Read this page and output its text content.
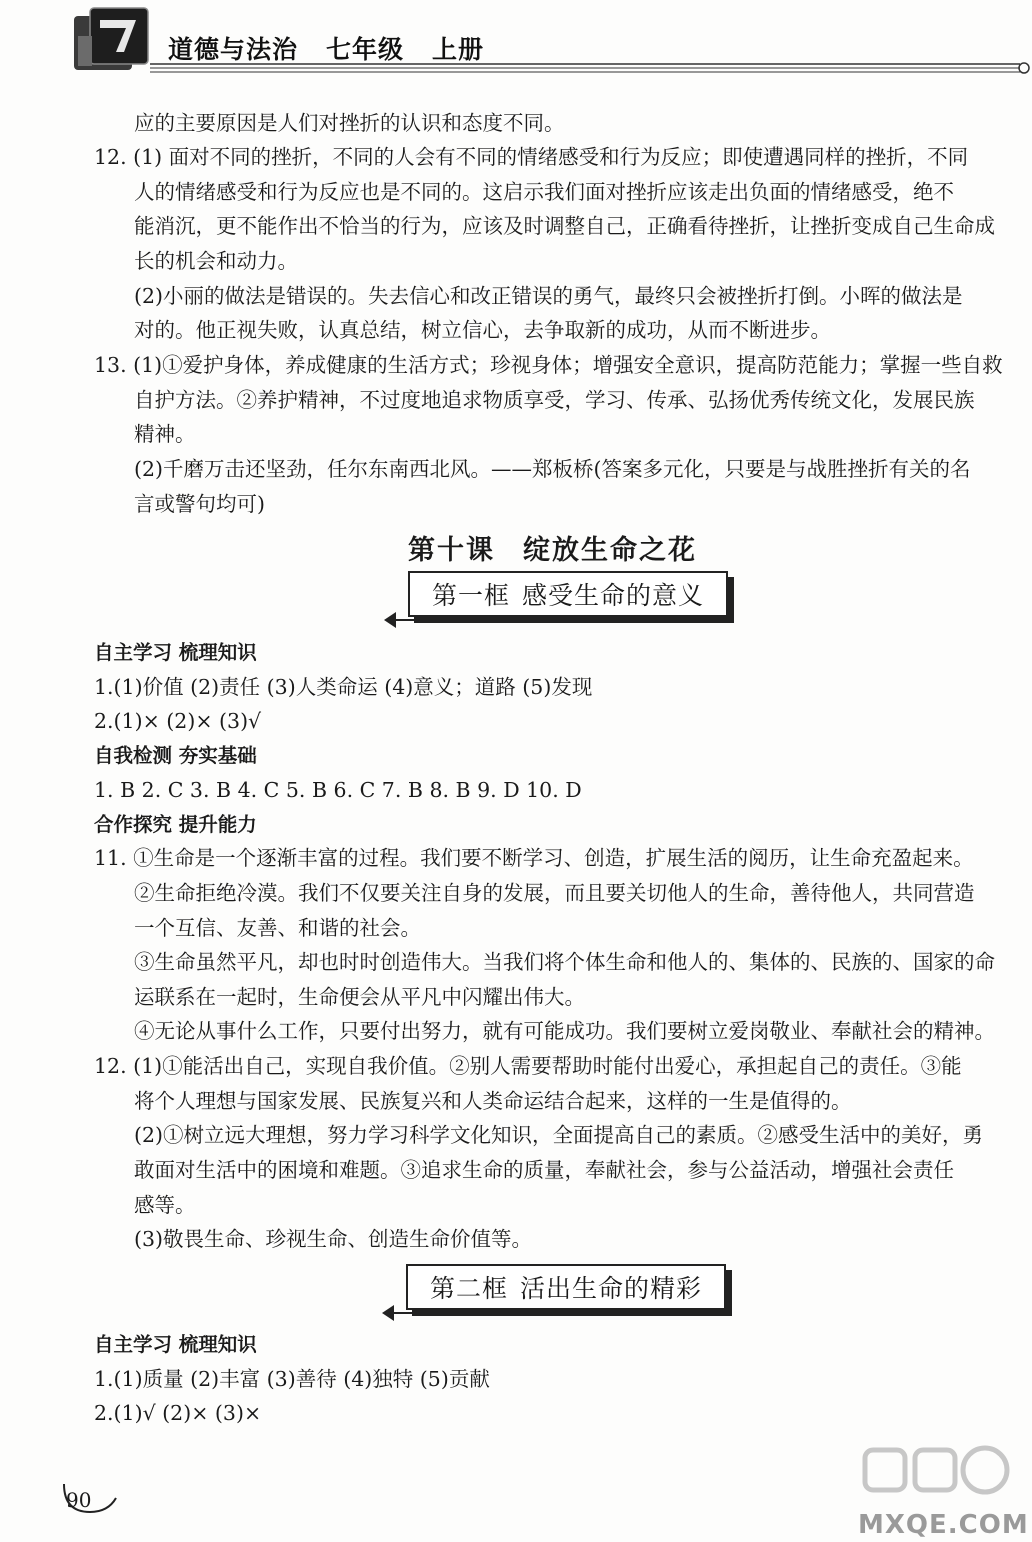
道德与法治 七年级 上册
应的主要原因是人们对挫折的认识和态度不同。
12. (1) 面对不同的挫折，不同的人会有不同的情绪感受和行为反应；即使遭遇同样的挫折，不同
人的情绪感受和行为反应也是不同的。这启示我们面对挫折应该走出负面的情绪感受，绝不
能消沉，更不能作出不恰当的行为，应该及时调整自己，正确看待挫折，让挫折变成自己生命成
长的机会和动力。
(2)小丽的做法是错误的。失去信心和改正错误的勇气，最终只会被挫折打倒。小晖的做法是
对的。他正视失败，认真总结，树立信心，去争取新的成功，从而不断进步。
13. (1)①爱护身体，养成健康的生活方式；珍视身体；增强安全意识，提高防范能力；掌握一些自救
自护方法。②养护精神，不过度地追求物质享受，学习、传承、弘扬优秀传统文化，发展民族
精神。
(2)千磨万击还坚劲，任尔东南西北风。——郑板桥(答案多元化，只要是与战胜挫折有关的名
言或警句均可)
1.(1)价值 (2)责任 (3)人类命运 (4)意义；道路 (5)发现
2.(1)× (2)× (3)√
1. B 2. C 3. B 4. C 5. B 6. C 7. B 8. B 9. D 10. D
11. ①生命是一个逐渐丰富的过程。我们要不断学习、创造，扩展生活的阅历，让生命充盈起来。
②生命拒绝冷漠。我们不仅要关注自身的发展，而且要关切他人的生命，善待他人，共同营造
一个互信、友善、和谐的社会。
③生命虽然平凡，却也时时创造伟大。当我们将个体生命和他人的、集体的、民族的、国家的命
运联系在一起时，生命便会从平凡中闪耀出伟大。
④无论从事什么工作，只要付出努力，就有可能成功。我们要树立爱岗敬业、奉献社会的精神。
12. (1)①能活出自己，实现自我价值。②别人需要帮助时能付出爱心，承担起自己的责任。③能
将个人理想与国家发展、民族复兴和人类命运结合起来，这样的一生是值得的。
(2)①树立远大理想，努力学习科学文化知识，全面提高自己的素质。②感受生活中的美好，勇
敢面对生活中的困境和难题。③追求生命的质量，奉献社会，参与公益活动，增强社会责任
感等。
(3)敬畏生命、珍视生命、创造生命价值等。
1.(1)质量 (2)丰富 (3)善待 (4)独特 (5)贡献
2.(1)√ (2)× (3)×
自主学习 梳理知识
自我检测 夯实基础
合作探究 提升能力
自主学习 梳理知识
第十课 绽放生命之花
第一框 感受生命的意义
第二框 活出生命的精彩
90
MXQE.COM
